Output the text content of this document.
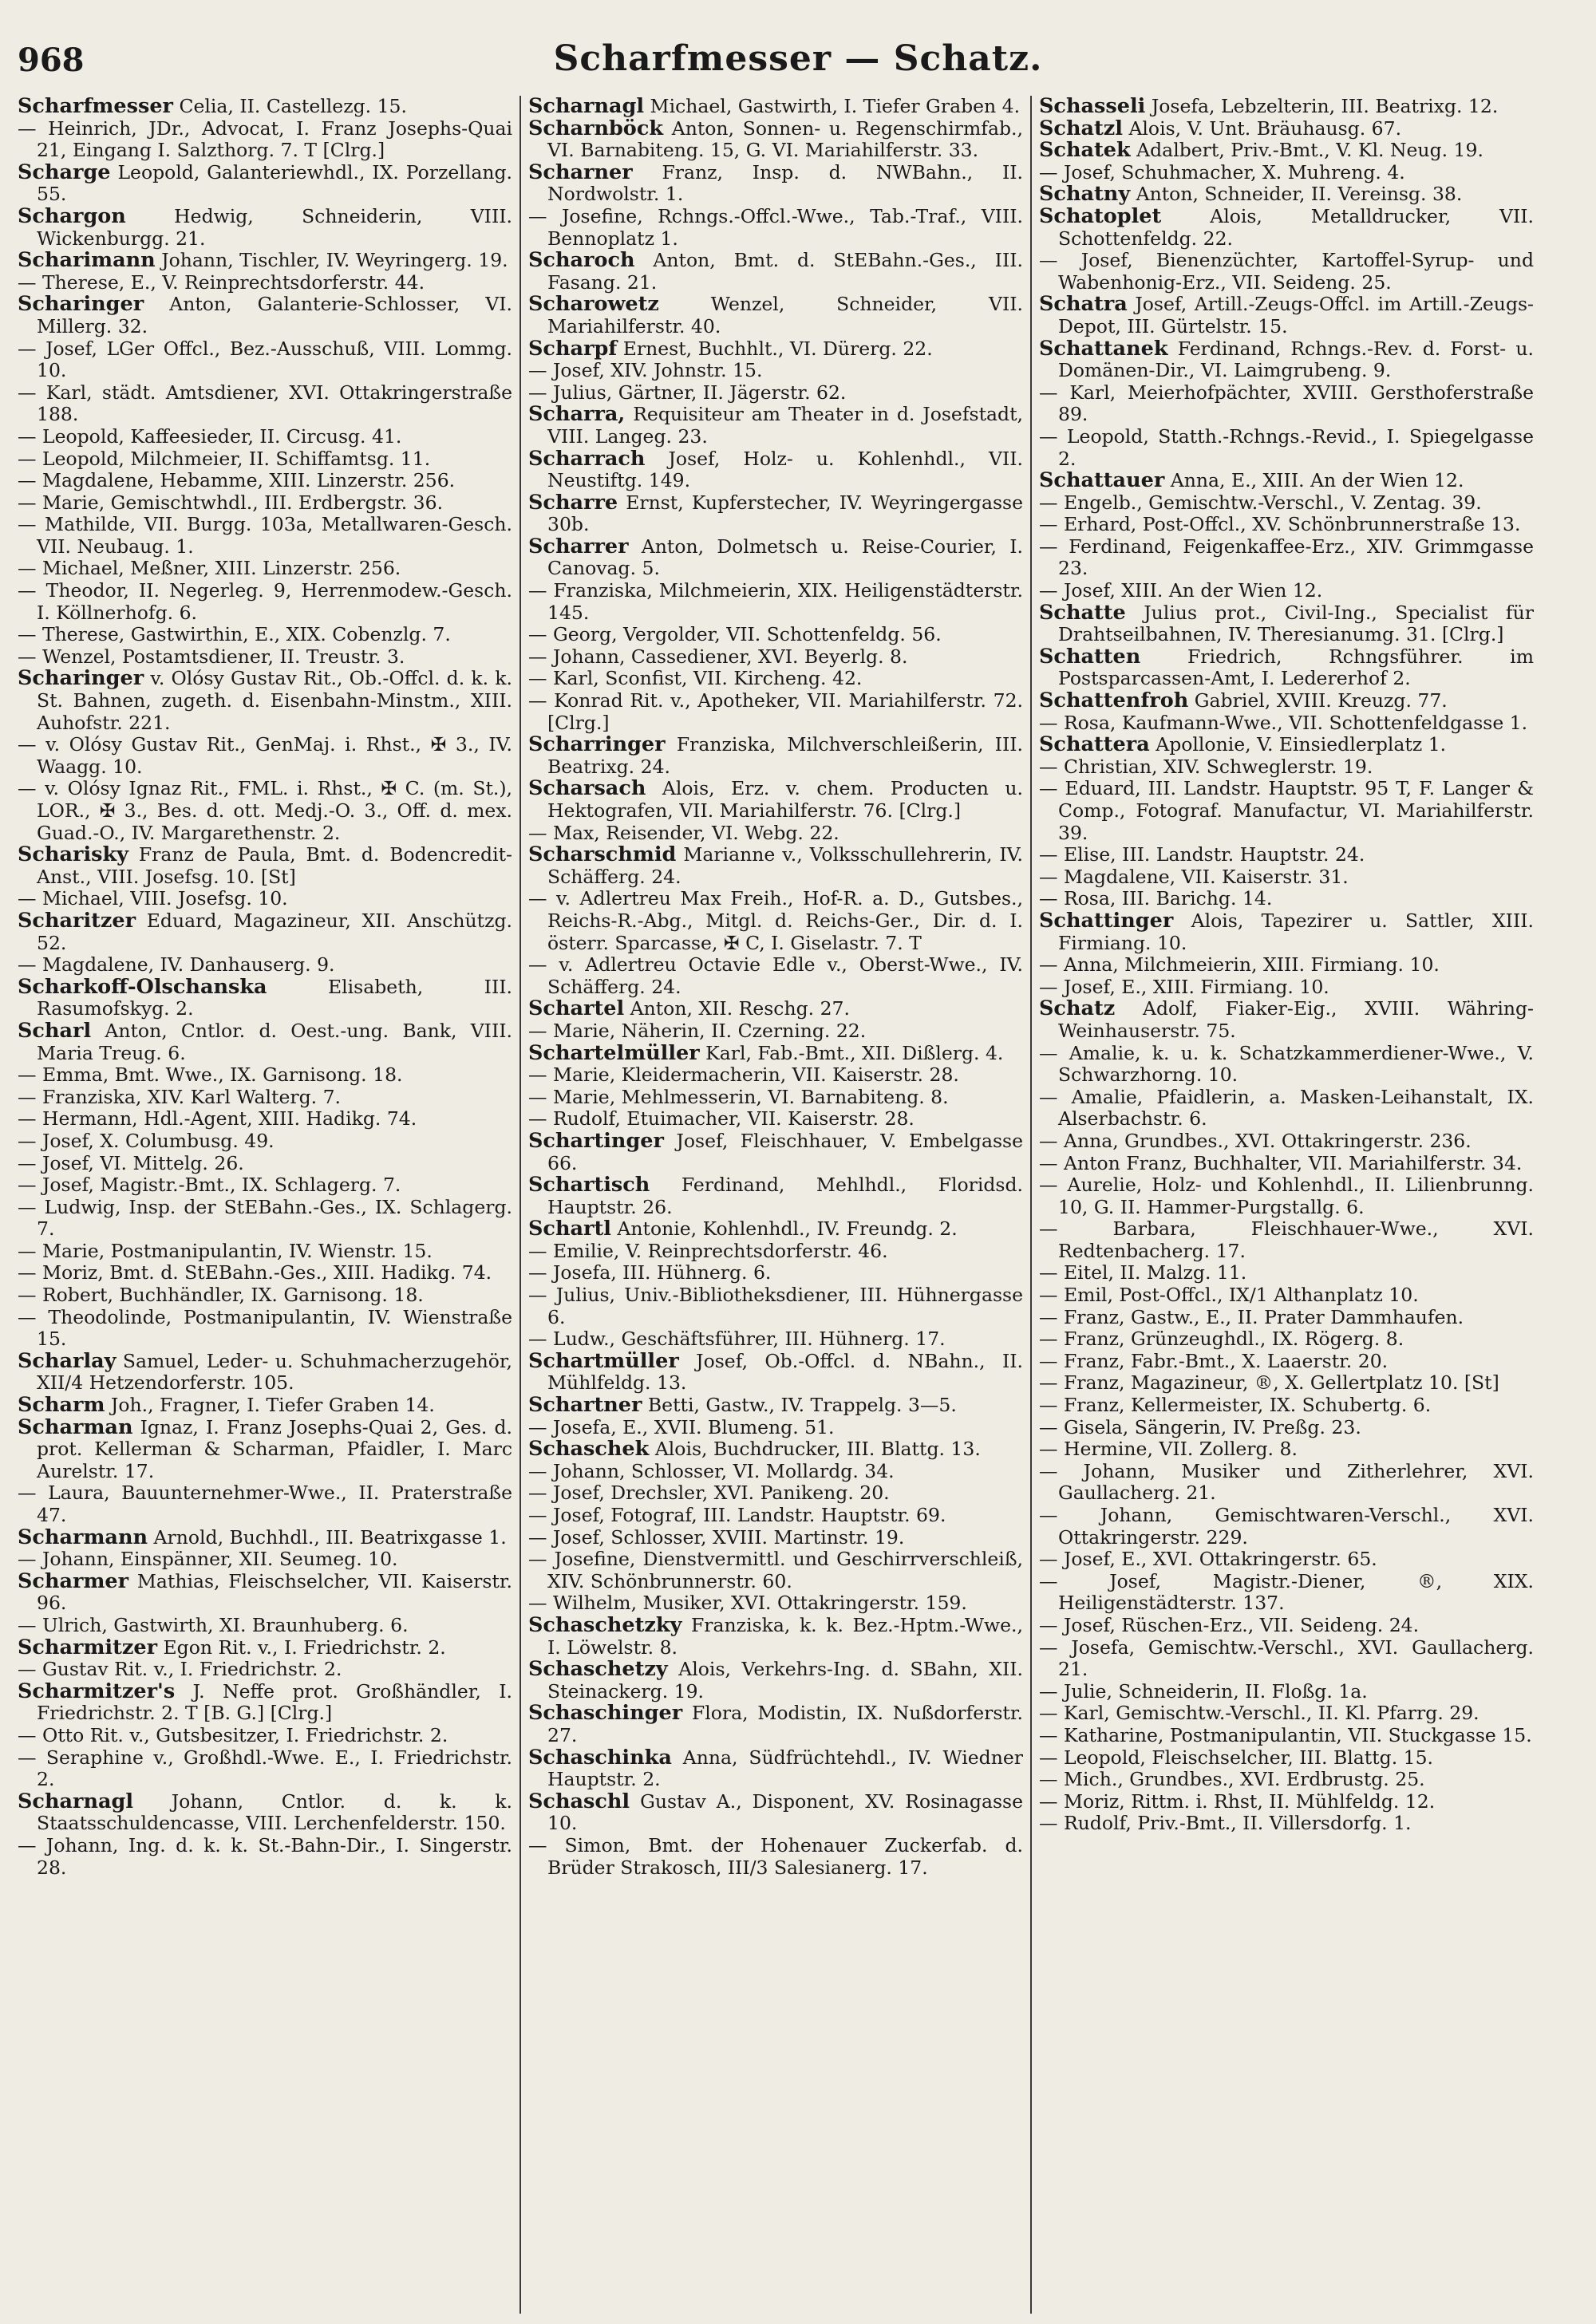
968	Scharfmesser — Schatz.

Scharfmesser Celia, II. Castellezg. 15.

— Heinrich, JDr., Advocat, I. Franz Josephs-Quai 21, Eingang I. Salzthorg. 7. T [Clrg.]

Scharge Leopold, Galanteriewhdl., IX. Porzellang. 55.

Schargon	Hedwig, Schneiderin, VIII. Wickenburgg. 21.

Scharimann Johann, Tischler, IV. Weyringerg. 19.

— Therese, E., V. Reinprechtsdorferstr. 44.

Scharinger Anton, Galanterie-Schlosser, VI. Millerg. 32.

— Josef, LGer Offcl., Bez.-Ausschuß, VIII. Lommg. 10.

— Karl, städt. Amtsdiener, XVI. Ottakringerstraße 188.

— Leopold, Kaffeesieder, II. Circusg. 41.

— Leopold, Milchmeier, II. Schiffamtsg. 11.

— Magdalene, Hebamme, XIII. Linzerstr. 256.

— Marie, Gemischtwhdl., III. Erdbergstr. 36.

— Mathilde, VII. Burgg. 103a, Metallwaren-Gesch. VII. Neubaug. 1.

— Michael, Meßner, XIII. Linzerstr. 256.

— Theodor, II. Negerleg. 9, Herrenmodew.-Gesch. I. Köllnerhofg. 6.

— Therese, Gastwirthin, E., XIX. Cobenzlg. 7.

— Wenzel, Postamtsdiener, II. Treustr. 3.

Scharinger v. Olósy Gustav Rit., Ob.-Offcl. d. k. k. St. Bahnen, zugeth. d. Eisenbahn-Minstm., XIII. Auhofstr. 221.

— v. Olósy Gustav Rit., GenMaj. i. Rhst., ✠ 3., IV. Waagg. 10.

— v. Olósy Ignaz Rit., FML. i. Rhst., ✠ C. (m. St.), LOR., ✠ 3., Bes. d. ott. Medj.-O. 3., Off. d. mex. Guad.-O., IV. Margarethenstr. 2.

Scharisky Franz de Paula, Bmt. d. Bodencredit-Anst., VIII. Josefsg. 10. [St]

— Michael, VIII. Josefsg. 10.

Scharitzer Eduard, Magazineur, XII. Anschützg. 52.

— Magdalene, IV. Danhauserg. 9.

Scharkoff-Olschanska	Elisabeth, III. Rasumofskyg. 2.

Scharl Anton, Cntlor. d. Oest.-ung. Bank, VIII. Maria Treug. 6.

— Emma, Bmt. Wwe., IX. Garnisong. 18.

— Franziska, XIV. Karl Walterg. 7.

— Hermann, Hdl.-Agent, XIII. Hadikg. 74.

— Josef, X. Columbusg. 49.

— Josef, VI. Mittelg. 26.

— Josef, Magistr.-Bmt., IX. Schlagerg. 7.

— Ludwig, Insp. der StEBahn.-Ges., IX. Schlagerg. 7.

— Marie, Postmanipulantin, IV. Wienstr. 15.

— Moriz, Bmt. d. StEBahn.-Ges., XIII. Hadikg. 74.

— Robert, Buchhändler, IX. Garnisong. 18.

— Theodolinde, Postmanipulantin, IV. Wienstraße 15.

Scharlay Samuel, Leder- u. Schuhmacherzugehör, XII/4 Hetzendorferstr. 105.

Scharm Joh., Fragner, I. Tiefer Graben 14.

Scharman Ignaz, I. Franz Josephs-Quai 2, Ges. d. prot. Kellerman & Scharman, Pfaidler, I. Marc Aurelstr. 17.

— Laura, Bauunternehmer-Wwe., II. Praterstraße 47.

Scharmann Arnold, Buchhdl., III. Beatrixgasse 1.

— Johann, Einspänner, XII. Seumeg. 10.

Scharmer Mathias, Fleischselcher, VII. Kaiserstr. 96.

— Ulrich, Gastwirth, XI. Braunhuberg. 6.

Scharmitzer Egon Rit. v., I. Friedrichstr. 2.

— Gustav Rit. v., I. Friedrichstr. 2.

Scharmitzer's J. Neffe prot. Großhändler, I. Friedrichstr. 2. T [B. G.] [Clrg.]

— Otto Rit. v., Gutsbesitzer, I. Friedrichstr. 2.

— Seraphine v., Großhdl.-Wwe. E., I. Friedrichstr. 2.

Scharnagl Johann, Cntlor. d. k. k. Staatsschuldencasse, VIII. Lerchenfelderstr. 150.

— Johann, Ing. d. k. k. St.-Bahn-Dir., I. Singerstr. 28.

Scharnagl Michael, Gastwirth, I. Tiefer Graben 4.

Scharnböck Anton, Sonnen- u. Regenschirmfab., VI. Barnabiteng. 15, G. VI. Mariahilferstr. 33.

Scharner Franz, Insp. d. NWBahn., II. Nordwolstr. 1.

— Josefine, Rchngs.-Offcl.-Wwe., Tab.-Traf., VIII. Bennoplatz 1.

Scharoch Anton, Bmt. d. StEBahn.-Ges., III. Fasang. 21.

Scharowetz	Wenzel, Schneider, VII. Mariahilferstr. 40.

Scharpf Ernest, Buchhlt., VI. Dürerg. 22.

— Josef, XIV. Johnstr. 15.

— Julius, Gärtner, II. Jägerstr. 62.

Scharra, Requisiteur am Theater in d. Josefstadt, VIII. Langeg. 23.

Scharrach Josef, Holz- u. Kohlenhdl., VII. Neustiftg. 149.

Scharre Ernst, Kupferstecher, IV. Weyringergasse 30b.

Scharrer Anton, Dolmetsch u. Reise-Courier, I. Canovag. 5.

— Franziska, Milchmeierin, XIX. Heiligenstädterstr. 145.

— Georg, Vergolder, VII. Schottenfeldg. 56.

— Johann, Cassediener, XVI. Beyerlg. 8.

— Karl, Sconfist, VII. Kircheng. 42.

— Konrad Rit. v., Apotheker, VII. Mariahilferstr. 72. [Clrg.]

Scharringer Franziska, Milchverschleißerin, III. Beatrixg. 24.

Scharsach Alois, Erz. v. chem. Producten u. Hektografen, VII. Mariahilferstr. 76. [Clrg.]

— Max, Reisender, VI. Webg. 22.

Scharschmid Marianne v., Volksschullehrerin, IV. Schäfferg. 24.

— v. Adlertreu Max Freih., Hof-R. a. D., Gutsbes., Reichs-R.-Abg., Mitgl. d. Reichs-Ger., Dir. d. I. österr. Sparcasse, ✠ C, I. Giselastr. 7. T

— v. Adlertreu Octavie Edle v., Oberst-Wwe., IV. Schäfferg. 24.

Schartel Anton, XII. Reschg. 27.

— Marie, Näherin, II. Czerning. 22.

Schartelmüller Karl, Fab.-Bmt., XII. Dißlerg. 4.

— Marie, Kleidermacherin, VII. Kaiserstr. 28.

— Marie, Mehlmesserin, VI. Barnabiteng. 8.

— Rudolf, Etuimacher, VII. Kaiserstr. 28.

Schartinger Josef, Fleischhauer, V. Embelgasse 66.

Schartisch Ferdinand, Mehlhdl., Floridsd. Hauptstr. 26.

Schartl Antonie, Kohlenhdl., IV. Freundg. 2.

— Emilie, V. Reinprechtsdorferstr. 46.

— Josefa, III. Hühnerg. 6.

— Julius, Univ.-Bibliotheksdiener, III. Hühnergasse 6.

— Ludw., Geschäftsführer, III. Hühnerg. 17.

Schartmüller Josef, Ob.-Offcl. d. NBahn., II. Mühlfeldg. 13.

Schartner Betti, Gastw., IV. Trappelg. 3—5.

— Josefa, E., XVII. Blumeng. 51.

Schaschek Alois, Buchdrucker, III. Blattg. 13.

— Johann, Schlosser, VI. Mollardg. 34.

— Josef, Drechsler, XVI. Panikeng. 20.

— Josef, Fotograf, III. Landstr. Hauptstr. 69.

— Josef, Schlosser, XVIII. Martinstr. 19.

— Josefine, Dienstvermittl. und Geschirrverschleiß, XIV. Schönbrunnerstr. 60.

— Wilhelm, Musiker, XVI. Ottakringerstr. 159.

Schaschetzky Franziska, k. k. Bez.-Hptm.-Wwe., I. Löwelstr. 8.

Schaschetzy Alois, Verkehrs-Ing. d. SBahn, XII. Steinackerg. 19.

Schaschinger Flora, Modistin, IX. Nußdorferstr. 27.

Schaschinka Anna, Südfrüchtehdl., IV. Wiedner Hauptstr. 2.

Schaschl Gustav A., Disponent, XV. Rosinagasse 10.

— Simon, Bmt. der Hohenauer Zuckerfab. d. Brüder Strakosch, III/3 Salesianerg. 17.

Schasseli Josefa, Lebzelterin, III. Beatrixg. 12.

Schatzl Alois, V. Unt. Bräuhausg. 67.

Schatek Adalbert, Priv.-Bmt., V. Kl. Neug. 19.

— Josef, Schuhmacher, X. Muhreng. 4.

Schatny Anton, Schneider, II. Vereinsg. 38.

Schatoplet	Alois, Metalldrucker, VII. Schottenfeldg. 22.

— Josef, Bienenzüchter, Kartoffel-Syrup- und Wabenhonig-Erz., VII. Seideng. 25.

Schatra Josef, Artill.-Zeugs-Offcl. im Artill.-Zeugs-Depot, III. Gürtelstr. 15.

Schattanek Ferdinand, Rchngs.-Rev. d. Forst- u. Domänen-Dir., VI. Laimgrubeng. 9.

— Karl, Meierhofpächter, XVIII. Gersthoferstraße 89.

— Leopold, Statth.-Rchngs.-Revid., I. Spiegelgasse 2.

Schattauer Anna, E., XIII. An der Wien 12.

— Engelb., Gemischtw.-Verschl., V. Zentag. 39.

— Erhard, Post-Offcl., XV. Schönbrunnerstraße 13.

— Ferdinand, Feigenkaffee-Erz., XIV. Grimmgasse 23.

— Josef, XIII. An der Wien 12.

Schatte Julius prot., Civil-Ing., Specialist für Drahtseilbahnen, IV. Theresianumg. 31. [Clrg.]

Schatten Friedrich, Rchngsführer. im Postsparcassen-Amt, I. Ledererhof 2.

Schattenfroh Gabriel, XVIII. Kreuzg. 77.

— Rosa, Kaufmann-Wwe., VII. Schottenfeldgasse 1.

Schattera Apollonie, V. Einsiedlerplatz 1.

— Christian, XIV. Schweglerstr. 19.

— Eduard, III. Landstr. Hauptstr. 95 T, F. Langer & Comp., Fotograf. Manufactur, VI. Mariahilferstr. 39.

— Elise, III. Landstr. Hauptstr. 24.

— Magdalene, VII. Kaiserstr. 31.

— Rosa, III. Barichg. 14.

Schattinger Alois, Tapezirer u. Sattler, XIII. Firmiang. 10.

— Anna, Milchmeierin, XIII. Firmiang. 10.

— Josef, E., XIII. Firmiang. 10.

Schatz Adolf, Fiaker-Eig., XVIII. Währing-Weinhauserstr. 75.

— Amalie, k. u. k. Schatzkammerdiener-Wwe., V. Schwarzhorng. 10.

— Amalie, Pfaidlerin, a. Masken-Leihanstalt, IX. Alserbachstr. 6.

— Anna, Grundbes., XVI. Ottakringerstr. 236.

— Anton Franz, Buchhalter, VII. Mariahilferstr. 34.

— Aurelie, Holz- und Kohlenhdl., II. Lilienbrunng. 10, G. II. Hammer-Purgstallg. 6.

— Barbara, Fleischhauer-Wwe., XVI. Redtenbacherg. 17.

— Eitel, II. Malzg. 11.

— Emil, Post-Offcl., IX/1 Althanplatz 10.

— Franz, Gastw., E., II. Prater Dammhaufen.

— Franz, Grünzeughdl., IX. Rögerg. 8.

— Franz, Fabr.-Bmt., X. Laaerstr. 20.

— Franz, Magazineur, ®, X. Gellertplatz 10. [St]

— Franz, Kellermeister, IX. Schubertg. 6.

— Gisela, Sängerin, IV. Preßg. 23.

— Hermine, VII. Zollerg. 8.

— Johann, Musiker und Zitherlehrer, XVI. Gaullacherg. 21.

— Johann, Gemischtwaren-Verschl., XVI. Ottakringerstr. 229.

— Josef, E., XVI. Ottakringerstr. 65.

— Josef, Magistr.-Diener, ®, XIX. Heiligenstädterstr. 137.

— Josef, Rüschen-Erz., VII. Seideng. 24.

— Josefa, Gemischtw.-Verschl., XVI. Gaullacherg. 21.

— Julie, Schneiderin, II. Floßg. 1a.

— Karl, Gemischtw.-Verschl., II. Kl. Pfarrg. 29.

— Katharine, Postmanipulantin, VII. Stuckgasse 15.

— Leopold, Fleischselcher, III. Blattg. 15.

— Mich., Grundbes., XVI. Erdbrustg. 25.

— Moriz, Rittm. i. Rhst, II. Mühlfeldg. 12.

— Rudolf, Priv.-Bmt., II. Villersdorfg. 1.
